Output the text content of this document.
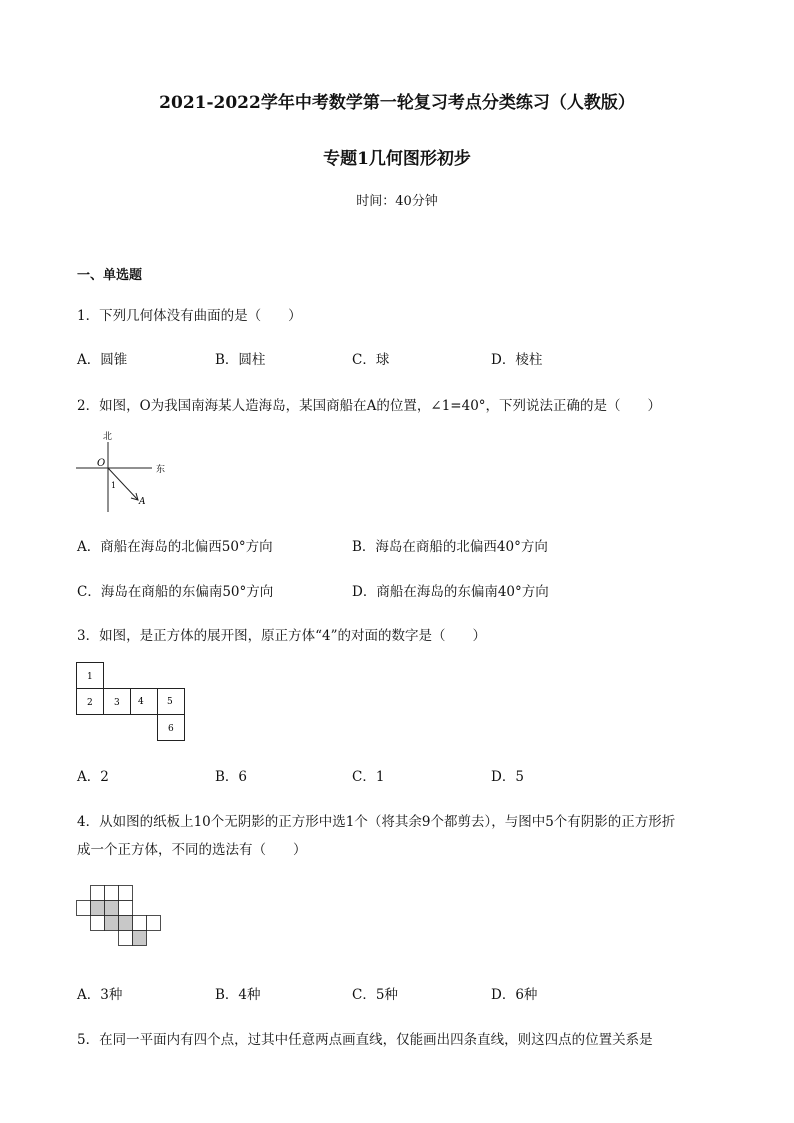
2021-2022学年中考数学第一轮复习考点分类练习（人教版）
专题1几何图形初步
时间：40分钟
一、单选题
1．下列几何体没有曲面的是（　　）
A．圆锥	B．圆柱	C．球	D．棱柱
2．如图，O为我国南海某人造海岛，某国商船在A的位置，∠1=40°，下列说法正确的是（　　）
北
东
O
1
A
A．商船在海岛的北偏西50°方向	B．海岛在商船的北偏西40°方向
C．海岛在商船的东偏南50°方向	D．商船在海岛的东偏南40°方向
3．如图，是正方体的展开图，原正方体“4”的对面的数字是（　　）
1
2 3 4	5
6
A．2	B．6	C．1	D．5
4．从如图的纸板上10个无阴影的正方形中选1个（将其余9个都剪去），与图中5个有阴影的正方形折
成一个正方体，不同的选法有（　　）
A．3种	B．4种	C．5种	D．6种
5．在同一平面内有四个点，过其中任意两点画直线，仅能画出四条直线，则这四点的位置关系是
